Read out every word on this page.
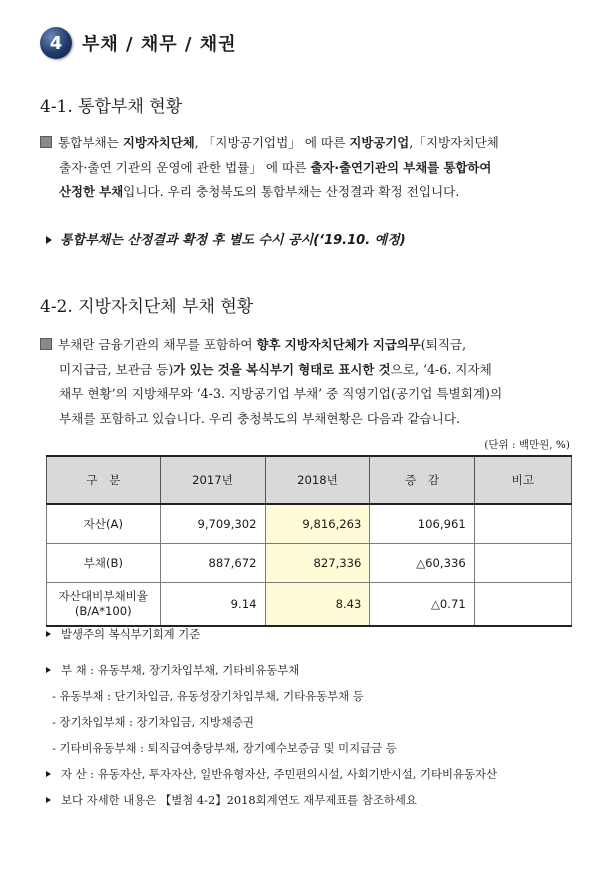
4	부채 / 채무 / 채권
4-1. 통합부채 현황
통합부채는 지방자치단체, 「지방공기업법」 에 따른 지방공기업,「지방자치단체
출자·출연 기관의 운영에 관한 법률」 에 따른 출자·출연기관의 부채를 통합하여
산정한 부채입니다. 우리 충청북도의 통합부채는 산정결과 확정 전입니다.
통합부채는 산정결과 확정 후 별도 수시 공시(‘19.10. 예정)
4-2. 지방자치단체 부채 현황
부채란 금융기관의 채무를 포함하여 향후 지방자치단체가 지급의무(퇴직금,
미지급금, 보관금 등)가 있는 것을 복식부기 형태로 표시한 것으로, ‘4-6. 지자체
채무 현황’의 지방채무와 ‘4-3. 지방공기업 부채’ 중 직영기업(공기업 특별회계)의
부채를 포함하고 있습니다. 우리 충청북도의 부채현황은 다음과 같습니다.
(단위 : 백만원, %)
구　분	2017년	2018년	증　감	비고
자산(A)	9,709,302	9,816,263	106,961	
부채(B)	887,672	827,336	△60,336	
자산대비부채비율
(B/A*100)	9.14	8.43	△0.71	
발생주의 복식부기회계 기준
부 채 : 유동부채, 장기차입부채, 기타비유동부채
- 유동부채 : 단기차입금, 유동성장기차입부채, 기타유동부채 등
- 장기차입부채 : 장기차입금, 지방채증권
- 기타비유동부채 : 퇴직급여충당부채, 장기예수보증금 및 미지급금 등
자 산 : 유동자산, 투자자산, 일반유형자산, 주민편의시설, 사회기반시설, 기타비유동자산
보다 자세한 내용은 【별첨 4-2】2018회계연도 재무제표를 참조하세요
